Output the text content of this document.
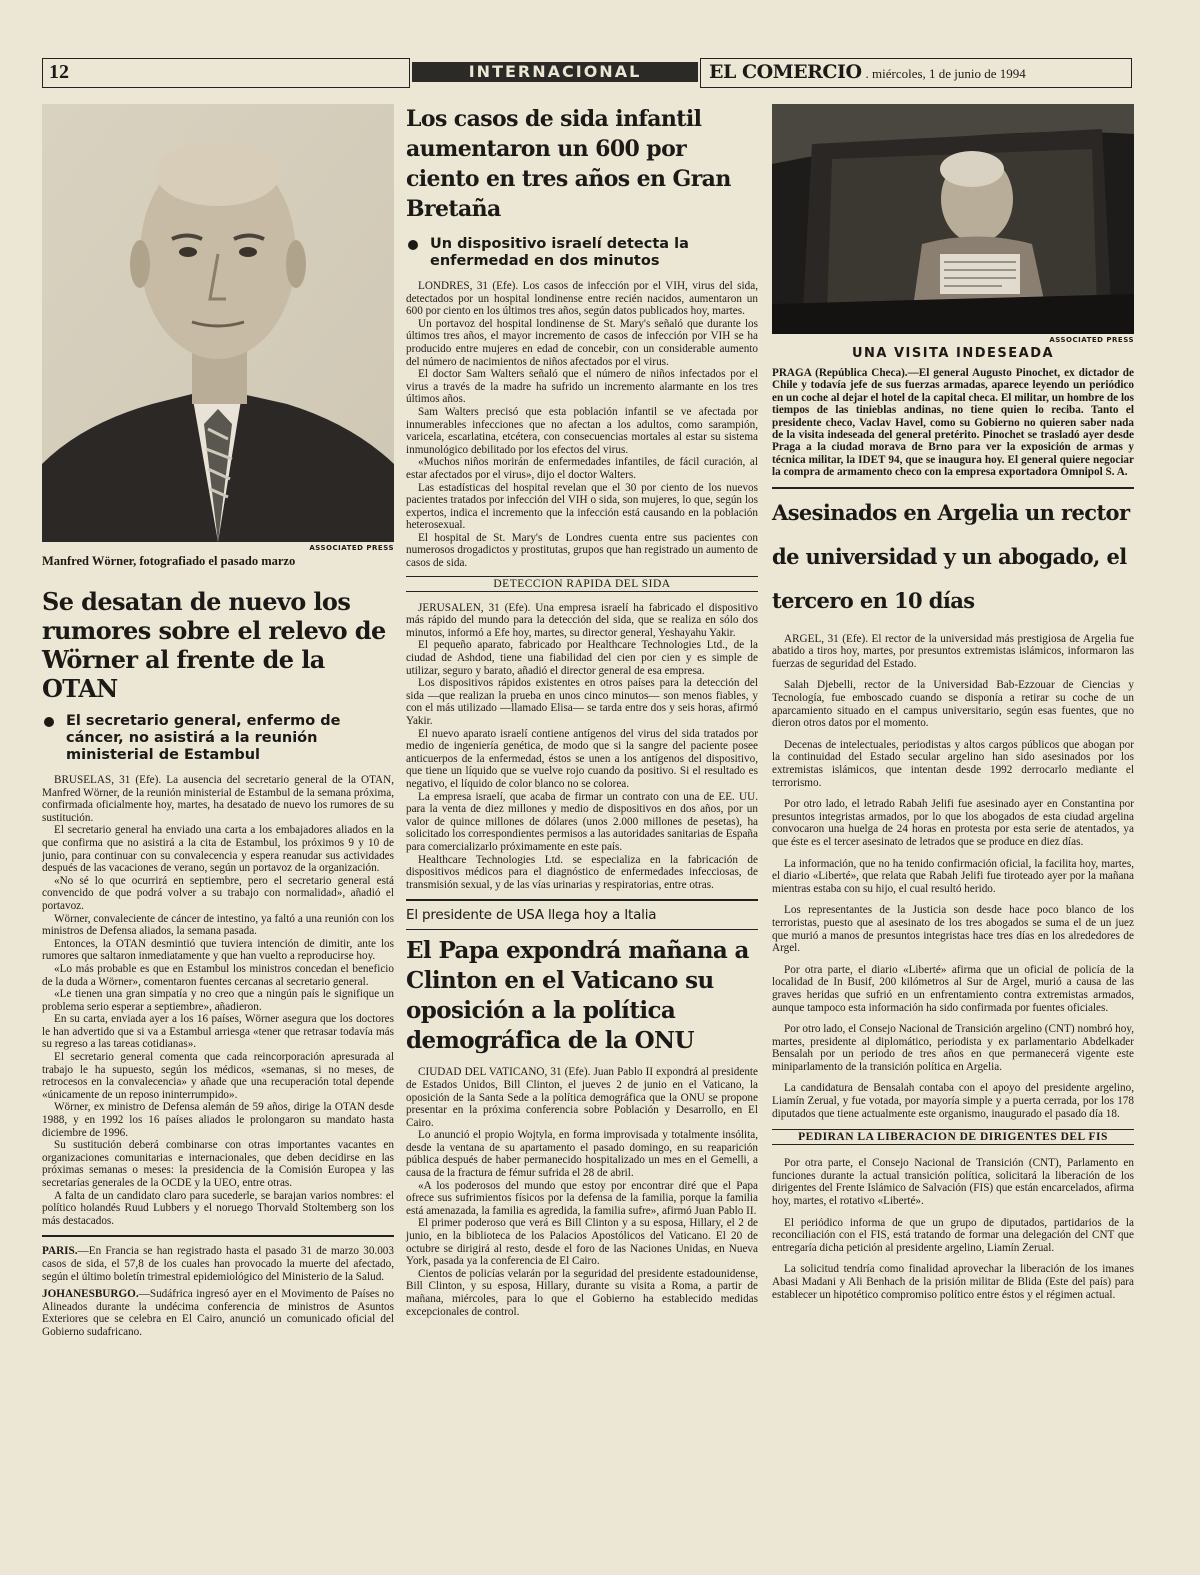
12	INTERNACIONAL	EL COMERCIO . miércoles, 1 de junio de 1994
ASSOCIATED PRESS
Manfred Wörner, fotografiado el pasado marzo
Se desatan de nuevo los rumores sobre el relevo de Wörner al frente de la OTAN
El secretario general, enfermo de cáncer, no asistirá a la reunión ministerial de Estambul

BRUSELAS, 31 (Efe). La ausencia del secretario general de la OTAN, Manfred Wörner, de la reunión ministerial de Estambul de la semana próxima, confirmada oficialmente hoy, martes, ha desatado de nuevo los rumores de su sustitución.

El secretario general ha enviado una carta a los embajadores aliados en la que confirma que no asistirá a la cita de Estambul, los próximos 9 y 10 de junio, para continuar con su convalecencia y espera reanudar sus actividades después de las vacaciones de verano, según un portavoz de la organización.

«No sé lo que ocurrirá en septiembre, pero el secretario general está convencido de que podrá volver a su trabajo con normalidad», añadió el portavoz.

Wörner, convaleciente de cáncer de intestino, ya faltó a una reunión con los ministros de Defensa aliados, la semana pasada.

Entonces, la OTAN desmintió que tuviera intención de dimitir, ante los rumores que saltaron inmediatamente y que han vuelto a reproducirse hoy.

«Lo más probable es que en Estambul los ministros concedan el beneficio de la duda a Wörner», comentaron fuentes cercanas al secretario general.

«Le tienen una gran simpatía y no creo que a ningún país le signifique un problema serio esperar a septiembre», añadieron.

En su carta, enviada ayer a los 16 países, Wörner asegura que los doctores le han advertido que si va a Estambul arriesga «tener que retrasar todavía más su regreso a las tareas cotidianas».

El secretario general comenta que cada reincorporación apresurada al trabajo le ha supuesto, según los médicos, «semanas, si no meses, de retrocesos en la convalecencia» y añade que una recuperación total depende «únicamente de un reposo ininterrumpido».

Wörner, ex ministro de Defensa alemán de 59 años, dirige la OTAN desde 1988, y en 1992 los 16 países aliados le prolongaron su mandato hasta diciembre de 1996.

Su sustitución deberá combinarse con otras importantes vacantes en organizaciones comunitarias e internacionales, que deben decidirse en las próximas semanas o meses: la presidencia de la Comisión Europea y las secretarías generales de la OCDE y la UEO, entre otras.

A falta de un candidato claro para sucederle, se barajan varios nombres: el político holandés Ruud Lubbers y el noruego Thorvald Stoltemberg son los más destacados.

PARIS.—En Francia se han registrado hasta el pasado 31 de marzo 30.003 casos de sida, el 57,8 de los cuales han provocado la muerte del afectado, según el último boletín trimestral epidemiológico del Ministerio de la Salud.
JOHANESBURGO.—Sudáfrica ingresó ayer en el Movimento de Países no Alineados durante la undécima conferencia de ministros de Asuntos Exteriores que se celebra en El Cairo, anunció un comunicado oficial del Gobierno sudafricano.
Los casos de sida infantil aumentaron un 600 por ciento en tres años en Gran Bretaña
Un dispositivo israelí detecta la enfermedad en dos minutos

LONDRES, 31 (Efe). Los casos de infección por el VIH, virus del sida, detectados por un hospital londinense entre recién nacidos, aumentaron un 600 por ciento en los últimos tres años, según datos publicados hoy, martes.

Un portavoz del hospital londinense de St. Mary's señaló que durante los últimos tres años, el mayor incremento de casos de infección por VIH se ha producido entre mujeres en edad de concebir, con un considerable aumento del número de nacimientos de niños afectados por el virus.

El doctor Sam Walters señaló que el número de niños infectados por el virus a través de la madre ha sufrido un incremento alarmante en los tres últimos años.

Sam Walters precisó que esta población infantil se ve afectada por innumerables infecciones que no afectan a los adultos, como sarampión, varicela, escarlatina, etcétera, con consecuencias mortales al estar su sistema inmunológico debilitado por los efectos del virus.

«Muchos niños morirán de enfermedades infantiles, de fácil curación, al estar afectados por el virus», dijo el doctor Walters.

Las estadísticas del hospital revelan que el 30 por ciento de los nuevos pacientes tratados por infección del VIH o sida, son mujeres, lo que, según los expertos, indica el incremento que la infección está causando en la población heterosexual.

El hospital de St. Mary's de Londres cuenta entre sus pacientes con numerosos drogadictos y prostitutas, grupos que han registrado un aumento de casos de sida.

DETECCION RAPIDA DEL SIDA

JERUSALEN, 31 (Efe). Una empresa israelí ha fabricado el dispositivo más rápido del mundo para la detección del sida, que se realiza en sólo dos minutos, informó a Efe hoy, martes, su director general, Yeshayahu Yakir.

El pequeño aparato, fabricado por Healthcare Technologies Ltd., de la ciudad de Ashdod, tiene una fiabilidad del cien por cien y es simple de utilizar, seguro y barato, añadió el director general de esa empresa.

Los dispositivos rápidos existentes en otros países para la detección del sida —que realizan la prueba en unos cinco minutos— son menos fiables, y con el más utilizado —llamado Elisa— se tarda entre dos y seis horas, afirmó Yakir.

El nuevo aparato israelí contiene antígenos del virus del sida tratados por medio de ingeniería genética, de modo que si la sangre del paciente posee anticuerpos de la enfermedad, éstos se unen a los antígenos del dispositivo, que tiene un líquido que se vuelve rojo cuando da positivo. Si el resultado es negativo, el líquido de color blanco no se colorea.

La empresa israelí, que acaba de firmar un contrato con una de EE. UU. para la venta de diez millones y medio de dispositivos en dos años, por un valor de quince millones de dólares (unos 2.000 millones de pesetas), ha solicitado los correspondientes permisos a las autoridades sanitarias de España para comercializarlo próximamente en este país.

Healthcare Technologies Ltd. se especializa en la fabricación de dispositivos médicos para el diagnóstico de enfermedades infecciosas, de transmisión sexual, y de las vías urinarias y respiratorias, entre otras.

El presidente de USA llega hoy a Italia
El Papa expondrá mañana a Clinton en el Vaticano su oposición a la política demográfica de la ONU

CIUDAD DEL VATICANO, 31 (Efe). Juan Pablo II expondrá al presidente de Estados Unidos, Bill Clinton, el jueves 2 de junio en el Vaticano, la oposición de la Santa Sede a la política demográfica que la ONU se propone presentar en la próxima conferencia sobre Población y Desarrollo, en El Cairo.

Lo anunció el propio Wojtyla, en forma improvisada y totalmente insólita, desde la ventana de su apartamento el pasado domingo, en su reaparición pública después de haber permanecido hospitalizado un mes en el Gemelli, a causa de la fractura de fémur sufrida el 28 de abril.

«A los poderosos del mundo que estoy por encontrar diré que el Papa ofrece sus sufrimientos físicos por la defensa de la familia, porque la familia está amenazada, la familia es agredida, la familia sufre», afirmó Juan Pablo II.

El primer poderoso que verá es Bill Clinton y a su esposa, Hillary, el 2 de junio, en la biblioteca de los Palacios Apostólicos del Vaticano. El 20 de octubre se dirigirá al resto, desde el foro de las Naciones Unidas, en Nueva York, pasada ya la conferencia de El Cairo.

Cientos de policías velarán por la seguridad del presidente estadounidense, Bill Clinton, y su esposa, Hillary, durante su visita a Roma, a partir de mañana, miércoles, para lo que el Gobierno ha establecido medidas excepcionales de control.

ASSOCIATED PRESS
UNA VISITA INDESEADA
PRAGA (República Checa).—El general Augusto Pinochet, ex dictador de Chile y todavía jefe de sus fuerzas armadas, aparece leyendo un periódico en un coche al dejar el hotel de la capital checa. El militar, un hombre de los tiempos de las tinieblas andinas, no tiene quien lo reciba. Tanto el presidente checo, Vaclav Havel, como su Gobierno no quieren saber nada de la visita indeseada del general pretérito. Pinochet se trasladó ayer desde Praga a la ciudad morava de Brno para ver la exposición de armas y técnica militar, la IDET 94, que se inaugura hoy. El general quiere negociar la compra de armamento checo con la empresa exportadora Omnipol S. A.
Asesinados en Argelia un rector de universidad y un abogado, el tercero en 10 días

ARGEL, 31 (Efe). El rector de la universidad más prestigiosa de Argelia fue abatido a tiros hoy, martes, por presuntos extremistas islámicos, informaron las fuerzas de seguridad del Estado.

Salah Djebelli, rector de la Universidad Bab-Ezzouar de Ciencias y Tecnología, fue emboscado cuando se disponía a retirar su coche de un aparcamiento situado en el campus universitario, según esas fuentes, que no dieron otros datos por el momento.

Decenas de intelectuales, periodistas y altos cargos públicos que abogan por la continuidad del Estado secular argelino han sido asesinados por los extremistas islámicos, que intentan desde 1992 derrocarlo mediante el terrorismo.

Por otro lado, el letrado Rabah Jelifi fue asesinado ayer en Constantina por presuntos integristas armados, por lo que los abogados de esta ciudad argelina convocaron una huelga de 24 horas en protesta por esta serie de atentados, ya que éste es el tercer asesinato de letrados que se produce en diez días.

La información, que no ha tenido confirmación oficial, la facilita hoy, martes, el diario «Liberté», que relata que Rabah Jelifi fue tiroteado ayer por la mañana mientras estaba con su hijo, el cual resultó herido.

Los representantes de la Justicia son desde hace poco blanco de los terroristas, puesto que al asesinato de los tres abogados se suma el de un juez que murió a manos de presuntos integristas hace tres días en los alrededores de Argel.

Por otra parte, el diario «Liberté» afirma que un oficial de policía de la localidad de In Busif, 200 kilómetros al Sur de Argel, murió a causa de las graves heridas que sufrió en un enfrentamiento contra extremistas armados, aunque tampoco esta información ha sido confirmada por fuentes oficiales.

Por otro lado, el Consejo Nacional de Transición argelino (CNT) nombró hoy, martes, presidente al diplomático, periodista y ex parlamentario Abdelkader Bensalah por un periodo de tres años en que permanecerá vigente este miniparlamento de la transición política en Argelia.

La candidatura de Bensalah contaba con el apoyo del presidente argelino, Liamín Zerual, y fue votada, por mayoría simple y a puerta cerrada, por los 178 diputados que tiene actualmente este organismo, inaugurado el pasado día 18.

PEDIRAN LA LIBERACION DE DIRIGENTES DEL FIS

Por otra parte, el Consejo Nacional de Transición (CNT), Parlamento en funciones durante la actual transición política, solicitará la liberación de los dirigentes del Frente Islámico de Salvación (FIS) que están encarcelados, afirma hoy, martes, el rotativo «Liberté».

El periódico informa de que un grupo de diputados, partidarios de la reconciliación con el FIS, está tratando de formar una delegación del CNT que entregaría dicha petición al presidente argelino, Liamín Zerual.

La solicitud tendría como finalidad aprovechar la liberación de los imanes Abasi Madani y Ali Benhach de la prisión militar de Blida (Este del país) para establecer un hipotético compromiso político entre éstos y el régimen actual.
